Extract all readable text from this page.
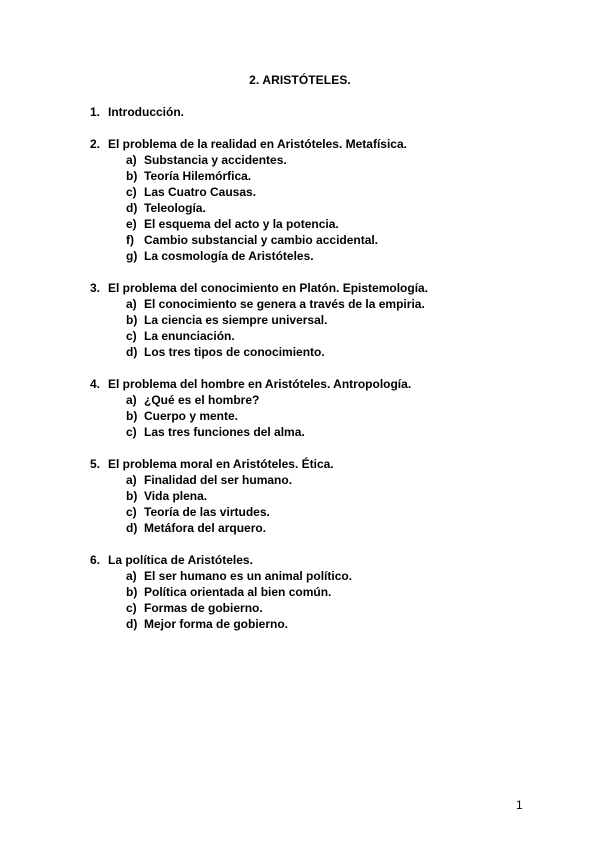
2. ARISTÓTELES.
1. Introducción.
2. El problema de la realidad en Aristóteles. Metafísica.
a) Substancia y accidentes.
b) Teoría Hilemórfica.
c) Las Cuatro Causas.
d) Teleología.
e) El esquema del acto y la potencia.
f) Cambio substancial y cambio accidental.
g) La cosmología de Aristóteles.
3. El problema del conocimiento en Platón. Epistemología.
a) El conocimiento se genera a través de la empiria.
b) La ciencia es siempre universal.
c) La enunciación.
d) Los tres tipos de conocimiento.
4. El problema del hombre en Aristóteles. Antropología.
a) ¿Qué es el hombre?
b) Cuerpo y mente.
c) Las tres funciones del alma.
5. El problema moral en Aristóteles. Ética.
a) Finalidad del ser humano.
b) Vida plena.
c) Teoría de las virtudes.
d) Metáfora del arquero.
6. La política de Aristóteles.
a) El ser humano es un animal político.
b) Política orientada al bien común.
c) Formas de gobierno.
d) Mejor forma de gobierno.
1
